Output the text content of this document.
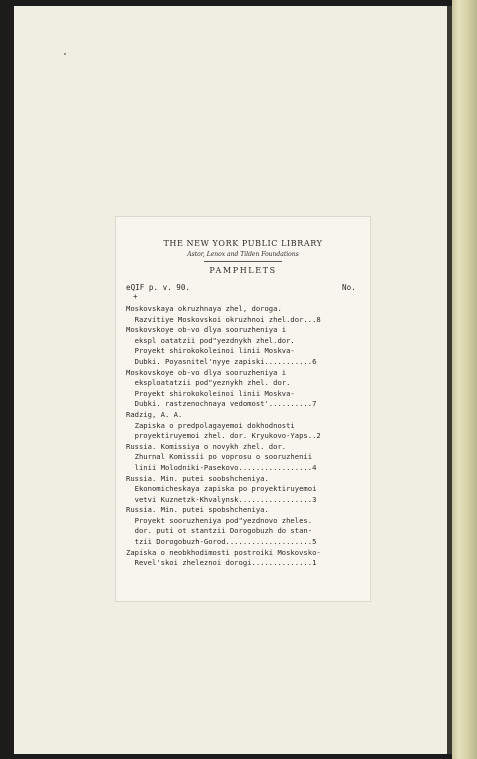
THE NEW YORK PUBLIC LIBRARY
Astor, Lenox and Tilden Foundations
PAMPHLETS
eQIF p. v. 90.	No.
+
Moskovskaya okruzhnaya zhel, doroga.
Razvitiye Moskovskoi okruzhnoi zhel.dor...8
Moskovskoye ob-vo dlya sooruzheniya i
ekspl oatatzii pod"yezdnykh zhel.dor.
Proyekt shirokokoleinoi linii Moskva-
Dubki. Poyasnitel'nyye zapiski...........6
Moskovskoye ob-vo dlya sooruzheniya i
eksploatatzii pod"yeznykh zhel. dor.
Proyekt shirokokoleinoi linii Moskva-
Dubki. rastzenochnaya vedomost'..........7
Radzig, A. A.
Zapiska o predpolagayemoi dokhodnosti
proyektiruyemoi zhel. dor. Kryukovo-Yaps..2
Russia. Komissiya o novykh zhel. dor.
Zhurnal Komissii po voprosu o sooruzhenii
linii Molodniki-Pasekovo.................4
Russia. Min. putei soobshcheniya.
Ekonomicheskaya zapiska po proyektiruyemoi
vetvi Kuznetzk-Khvalynsk.................3
Russia. Min. putei spobshcheniya.
Proyekt sooruzheniya pod"yezdnovo zheles.
dor. puti ot stantzii Dorogobuzh do stan-
tzii Dorogobuzh-Gorod....................5
Zapiska o neobkhodimosti postroiki Moskovsko-
Revel'skoi zheleznoi dorogi..............1
